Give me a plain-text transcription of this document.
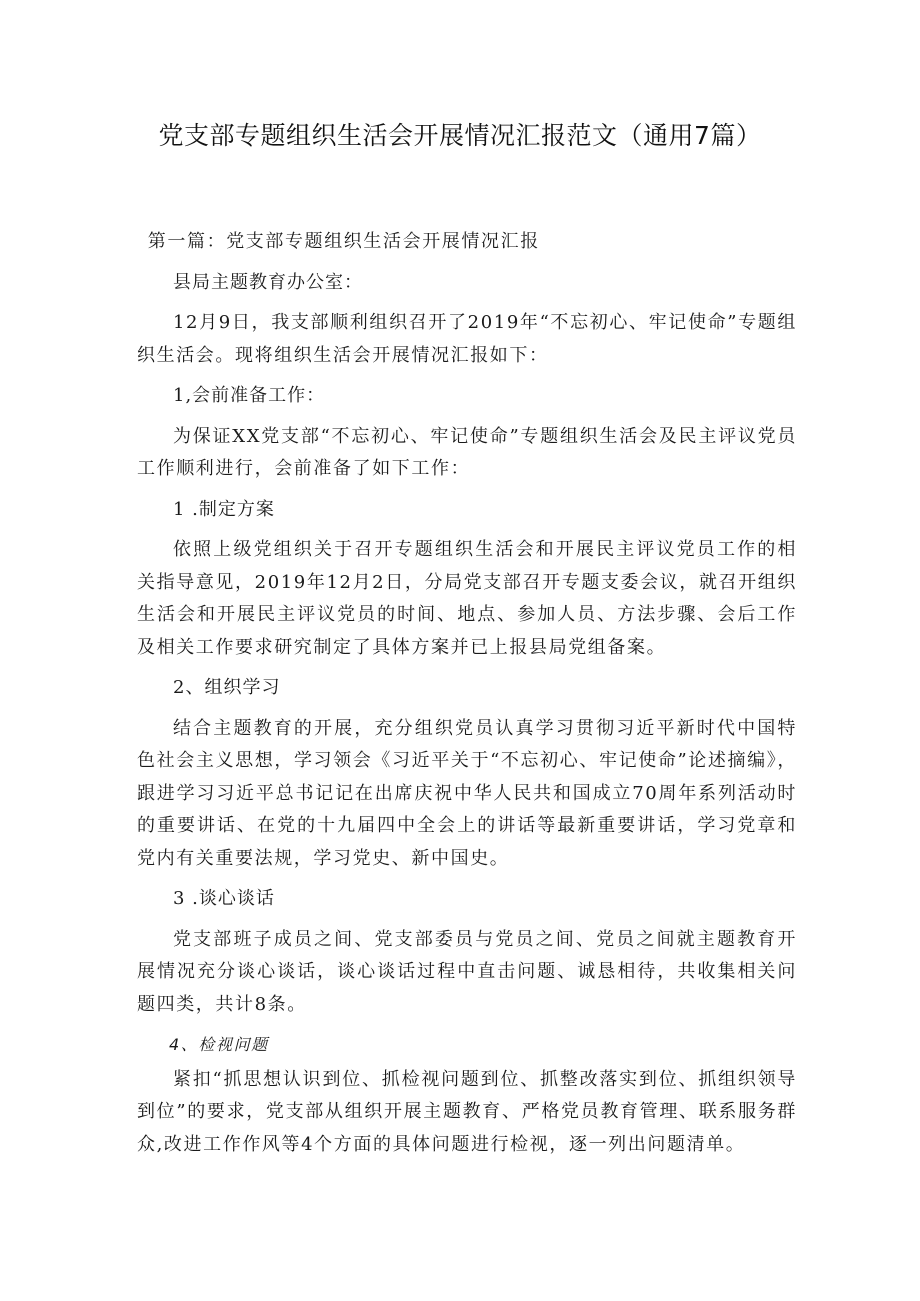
党支部专题组织生活会开展情况汇报范文（通用7篇）

第一篇：党支部专题组织生活会开展情况汇报

县局主题教育办公室：

12月9日，我支部顺利组织召开了2019年“不忘初心、牢记使命”专题组织生活会。现将组织生活会开展情况汇报如下：

1,会前准备工作：

为保证XX党支部“不忘初心、牢记使命”专题组织生活会及民主评议党员工作顺利进行，会前准备了如下工作：

1 .制定方案

依照上级党组织关于召开专题组织生活会和开展民主评议党员工作的相关指导意见，2019年12月2日，分局党支部召开专题支委会议，就召开组织生活会和开展民主评议党员的时间、地点、参加人员、方法步骤、会后工作及相关工作要求研究制定了具体方案并已上报县局党组备案。

2、组织学习

结合主题教育的开展，充分组织党员认真学习贯彻习近平新时代中国特色社会主义思想，学习领会《习近平关于“不忘初心、牢记使命”论述摘编》，跟进学习习近平总书记记在出席庆祝中华人民共和国成立70周年系列活动时的重要讲话、在党的十九届四中全会上的讲话等最新重要讲话，学习党章和党内有关重要法规，学习党史、新中国史。

3 .谈心谈话

党支部班子成员之间、党支部委员与党员之间、党员之间就主题教育开展情况充分谈心谈话，谈心谈话过程中直击问题、诚恳相待，共收集相关问题四类，共计8条。

4、检视问题

紧扣“抓思想认识到位、抓检视问题到位、抓整改落实到位、抓组织领导到位”的要求，党支部从组织开展主题教育、严格党员教育管理、联系服务群众,改进工作作风等4个方面的具体问题进行检视，逐一列出问题清单。
